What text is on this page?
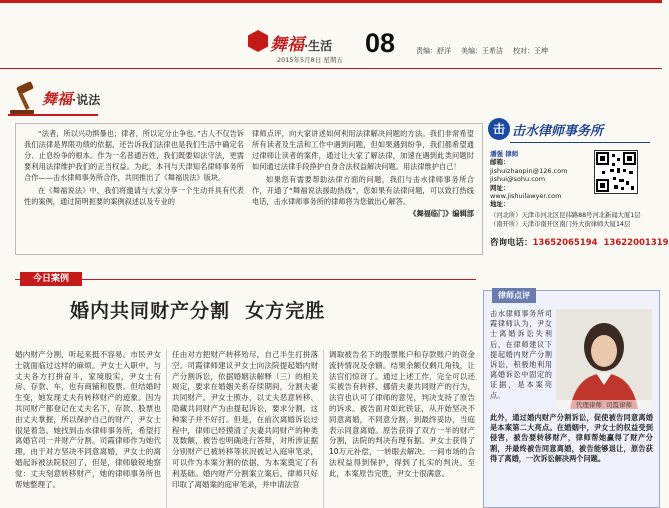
舞福·生活
2015年5月8日 星期五
08	责编：舒洋 美编：王希洁 校对：王坤
舞福·说法
“法者，所以兴功惧暴也；律者，所以定分止争也。”古人不仅告诉我们法律是界限功绩的依据，还告诉我们法律也是我们生活中确定名分、止息纷争的根本。作为一名普通百姓，我们既要知法守法，更需要利用法律维护我们的正当权益。为此，本刊与天津知名律师事务所合作——击水律师事务所合作，共同推出了《舞福说法》版块。
在《舞福说法》中，我们将邀请与大家分享一个生动并具有代表性的案例，通过简明扼要的案例叙述以及专业的
律师点评，向大家讲述如何利用法律解决问题的方法。我们非常希望所有读者及生活和工作中遇到问题，但如果遇到纷争，我们都希望通过律师让读者的案件，通过让大家了解法律，加速在遇到此类问题时如何通过法律手段挣护自身合法权益解决问题。用法律维护自己！
如果您有需要帮助法律方面的问题，我们与击水律师事务所合作，开通了“舞福说法援助热线”，您如果有法律问题，可以致打热线电话，击水律师事务所的律师将为您做出心解答。
《舞福临门》编辑部
击 击水律师事务所
潘强 律师
邮箱：
jishuizhaopin@126.com
jishui@sohu.com
网址：
www.jishuilawyer.com
地址：
（河北所）天津市河北区昆纬路88号河北新闻大厦1层
（南开所）天津市南开区南门外大街律师大厦14层
咨询电话：13652065194 13622001319
今日案例
婚内共同财产分割  女方完胜
婚内财产分割，听起来挺不容易。市民尹女士就面临过这样的麻烦。尹女士入职中，与丈夫各方打拼奋斗，家境殷实，尹女士有房、存款、车，也有商铺和股票。但结婚时生变，她发现丈夫有转移财产的迹象。因为共同财产都登记在丈夫名下，存款、股票也由丈夫掌握，所以保护自己的财产，尹女士很是着急，她找到击水律师事务所，希望打离婚官司一并财产分割。司霞律师作为她代理，由于对方坚决不同意离婚，尹女士的离婚起诉被法院驳回了，但是，律师敏锐地察觉：丈夫刻意转移财产，她的律师事务所也帮她整理了。
任由对方把财产转移殆尽，自己半生打拼落空。司霞律师建议尹女士向法院提起婚内财产分割诉讼，依据婚姻法解释（三）的相关规定，要求在婚姻关系存续期间，分割夫妻共同财产。尹女士照办，以丈夫恶意转移、隐藏共同财产为由提起诉讼，要求分割。这种案子并不好打。但是，在前次离婚诉讼过程中，律师已经摸清了夫妻共同财产的种类及数额，被告也明确进行答辩，对所涉证据分别财产已被转移等状况被记入庭审笔录，可以作为本案分割的依据，为本案奠定了有利基础。婚内财产分割案立案后，律师只好印取了离婚案的庭审笔录，并申请法官
调取被告名下的股票账户和存款账户的资金流转情况及余额。结果余额仅剩几角钱，让法官们惊讶了。通过上述工作，完全可以还实被告有转移、挪借夫妻共同财产的行为，法官也认可了律师的意见，判决支持了原告的诉求。被告面对如此铁证，从开始坚决不同意离婚，不同意分割，到最终妥协，当庭表示同意离婚。原告获得了双方一半的财产分割，法院的判决有理有据。尹女士获得了10万元补偿，一转眼去解决。一间市场的合法权益得到保护，得到了扎实的判决。至此，本案原告完胜，尹女士很满意。
律师点评
击水律师事务所司霞律师认为，尹女士离婚诉讼失利后，在律师建议下提起婚内财产分割诉讼，积极地利用离婚诉讼中固定的证据，是本案亮点。
代理律师  司霞律师
此外，通过婚内财产分割诉讼，促使被告同意离婚是本案第二大亮点。在婚姻中，尹女士的权益受到侵害，被告要转移财产，律师帮她赢得了财产分割，并最终被告同意离婚，被告能够退让，原告获得了离婚，一次诉讼解决两个问题。
